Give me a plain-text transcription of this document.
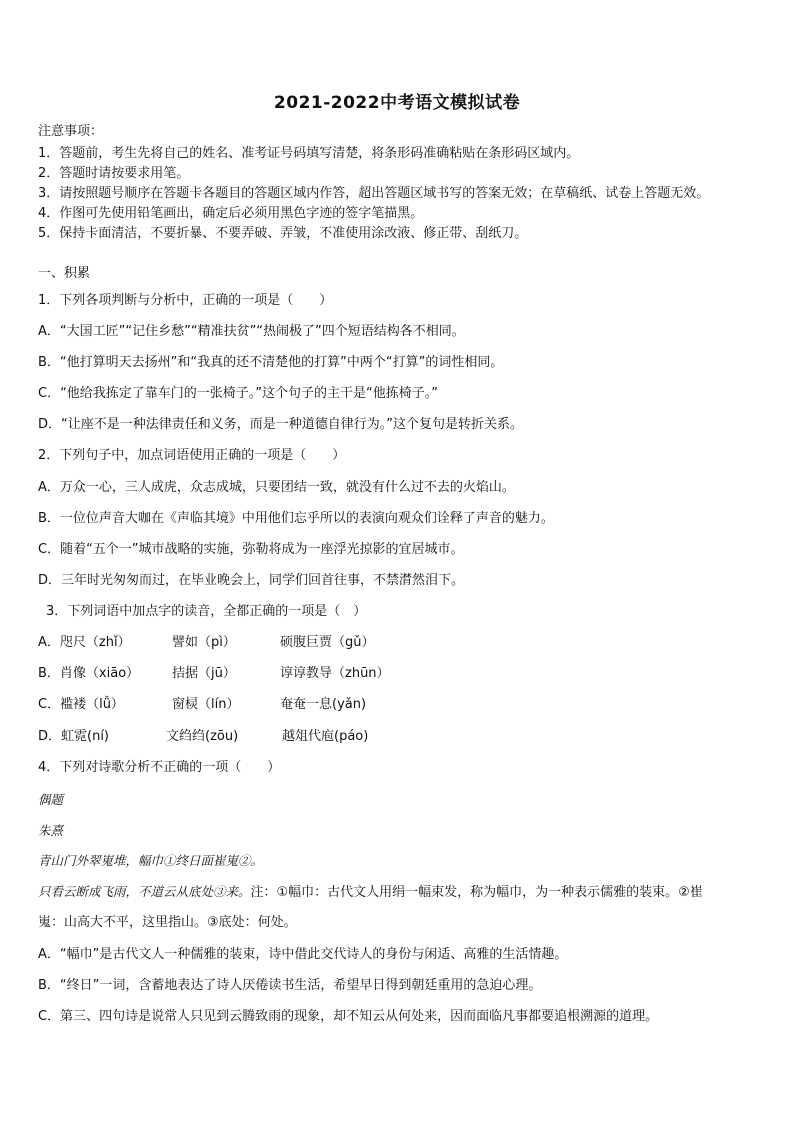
2021-2022中考语文模拟试卷
注意事项：
1．答题前，考生先将自己的姓名、准考证号码填写清楚，将条形码准确粘贴在条形码区域内。
2．答题时请按要求用笔。
3．请按照题号顺序在答题卡各题目的答题区域内作答，超出答题区域书写的答案无效；在草稿纸、试卷上答题无效。
4．作图可先使用铅笔画出，确定后必须用黑色字迹的签字笔描黑。
5．保持卡面清洁，不要折暴、不要弄破、弄皱，不准使用涂改液、修正带、刮纸刀。
一、积累
1．下列各项判断与分析中，正确的一项是（　　）
A．“大国工匠”“记住乡愁”“精准扶贫”“热闹极了”四个短语结构各不相同。
B．“他打算明天去扬州”和“我真的还不清楚他的打算”中两个“打算”的词性相同。
C．“他给我拣定了靠车门的一张椅子。”这个句子的主干是“他拣椅子。”
D．“让座不是一种法律责任和义务，而是一种道德自律行为。”这个复句是转折关系。
2．下列句子中，加点词语使用正确的一项是（　　）
A．万众一心，三人成虎，众志成城，只要团结一致，就没有什么过不去的火焰山。
B．一位位声音大咖在《声临其境》中用他们忘乎所以的表演向观众们诠释了声音的魅力。
C．随着“五个一”城市战略的实施，弥勒将成为一座浮光掠影的宜居城市。
D．三年时光匆匆而过，在毕业晚会上，同学们回首往事，不禁潸然泪下。
3．下列词语中加点字的读音，全都正确的一项是（　）
A．咫尺（zhǐ）	譬如（pì）	硕腹巨贾（gǔ）
B．肖像（xiāo）	拮据（jū）	谆谆教导（zhūn）
C．褴褛（lǚ）	窗棂（lín）	奄奄一息(yǎn)
D．虹霓(ní)	文绉绉(zōu)	越俎代庖(páo)
4．下列对诗歌分析不正确的一项（　　）
偶题
朱熹
青山门外翠嵬堆，幅巾①终日面崔嵬②。
只看云断成飞雨，不道云从底处③来。注：①幅巾：古代文人用绢一幅束发，称为幅巾，为一种表示儒雅的装束。②崔
嵬：山高大不平，这里指山。③底处：何处。
A．“幅巾”是古代文人一种儒雅的装束，诗中借此交代诗人的身份与闲适、高雅的生活情趣。
B．“终日”一词，含蓄地表达了诗人厌倦读书生活，希望早日得到朝廷重用的急迫心理。
C．第三、四句诗是说常人只见到云腾致雨的现象，却不知云从何处来，因而面临凡事都要追根溯源的道理。
